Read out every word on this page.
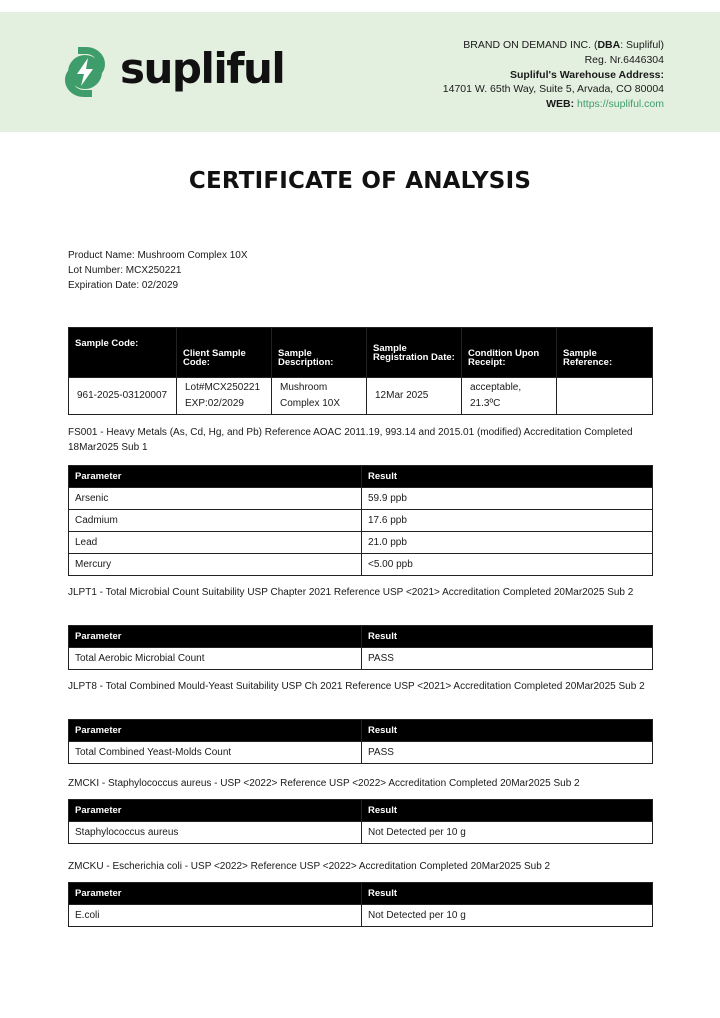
supliful	BRAND ON DEMAND INC. (DBA: Supliful)
Reg. Nr.6446304
Supliful's Warehouse Address:
14701 W. 65th Way, Suite 5, Arvada, CO 80004
WEB: https://supliful.com
CERTIFICATE OF ANALYSIS
Product Name: Mushroom Complex 10X
Lot Number: MCX250221
Expiration Date: 02/2029
Sample Code:	Client Sample Code:	Sample Description:	Sample Registration Date:	Condition Upon Receipt:	Sample Reference:
961-2025-03120007	Lot#MCX250221 EXP:02/2029	Mushroom Complex 10X	12Mar 2025	acceptable, 21.3ºC	
FS001 - Heavy Metals (As, Cd, Hg, and Pb) Reference AOAC 2011.19, 993.14 and 2015.01 (modified) Accreditation Completed 18Mar2025 Sub 1
Parameter	Result
Arsenic	59.9 ppb
Cadmium	17.6 ppb
Lead	21.0 ppb
Mercury	<5.00 ppb
JLPT1 - Total Microbial Count Suitability USP Chapter 2021 Reference USP <2021> Accreditation Completed 20Mar2025 Sub 2
Parameter	Result
Total Aerobic Microbial Count	PASS
JLPT8 - Total Combined Mould-Yeast Suitability USP Ch 2021 Reference USP <2021> Accreditation Completed 20Mar2025 Sub 2
Parameter	Result
Total Combined Yeast-Molds Count	PASS
ZMCKI - Staphylococcus aureus - USP <2022> Reference USP <2022> Accreditation Completed 20Mar2025 Sub 2
Parameter	Result
Staphylococcus aureus	Not Detected per 10 g
ZMCKU - Escherichia coli - USP <2022> Reference USP <2022> Accreditation Completed 20Mar2025 Sub 2
Parameter	Result
E.coli	Not Detected per 10 g
